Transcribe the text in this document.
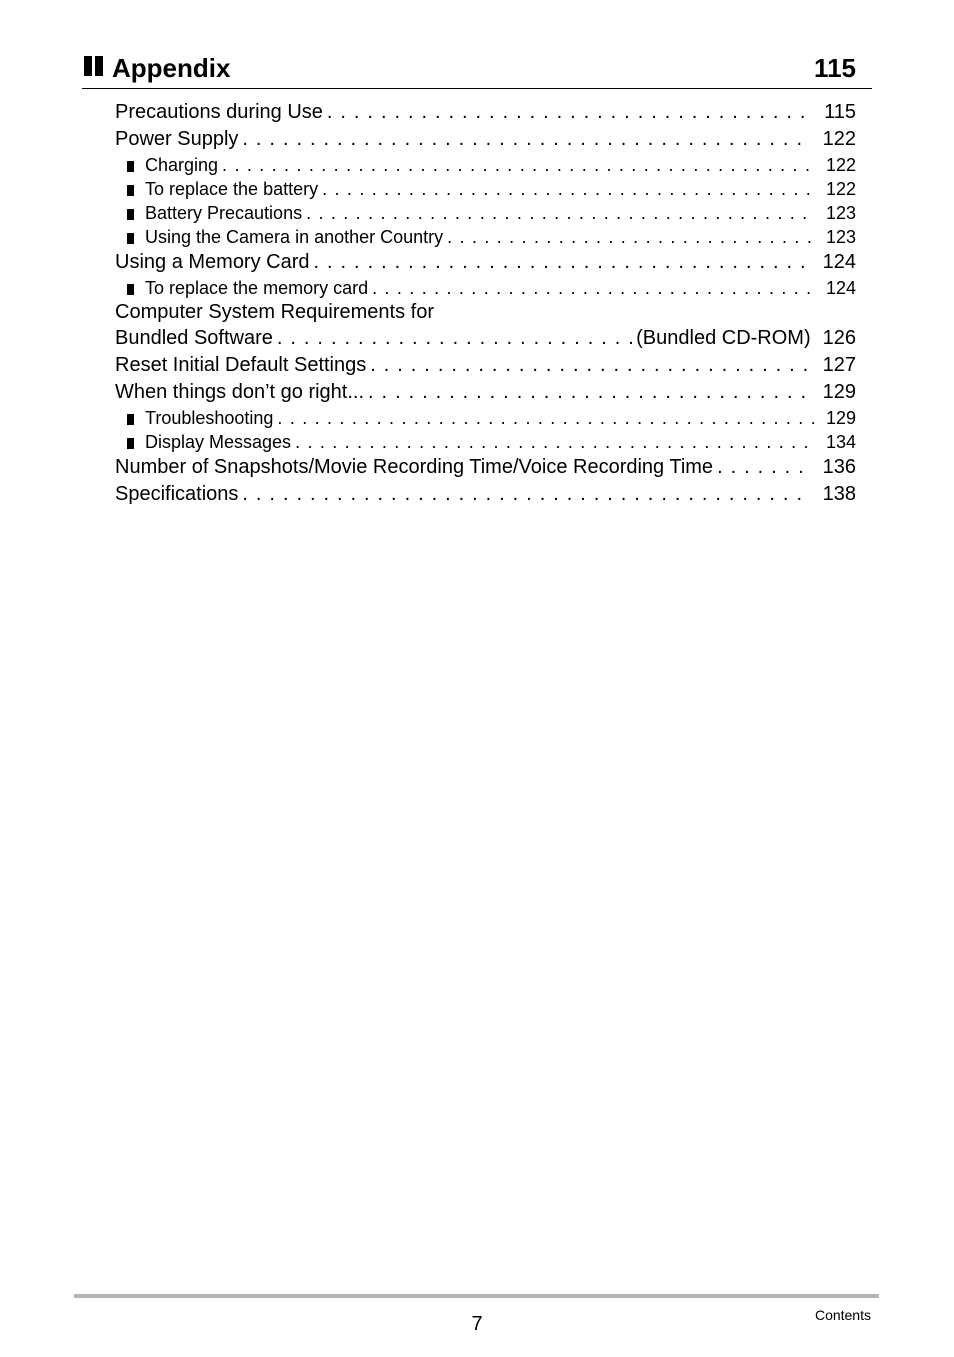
Appendix	115
Precautions during Use . . .	115
Power Supply . . .	122
Charging . . .	122
To replace the battery . . .	122
Battery Precautions . . .	123
Using the Camera in another Country . . .	123
Using a Memory Card . . .	124
To replace the memory card . . .	124
Computer System Requirements for
Bundled Software . . .	(Bundled CD-ROM) 126
Reset Initial Default Settings . . .	127
When things don’t go right... . . .	129
Troubleshooting . . .	129
Display Messages . . .	134
Number of Snapshots/Movie Recording Time/Voice Recording Time . . .	136
Specifications . . .	138
7	Contents
